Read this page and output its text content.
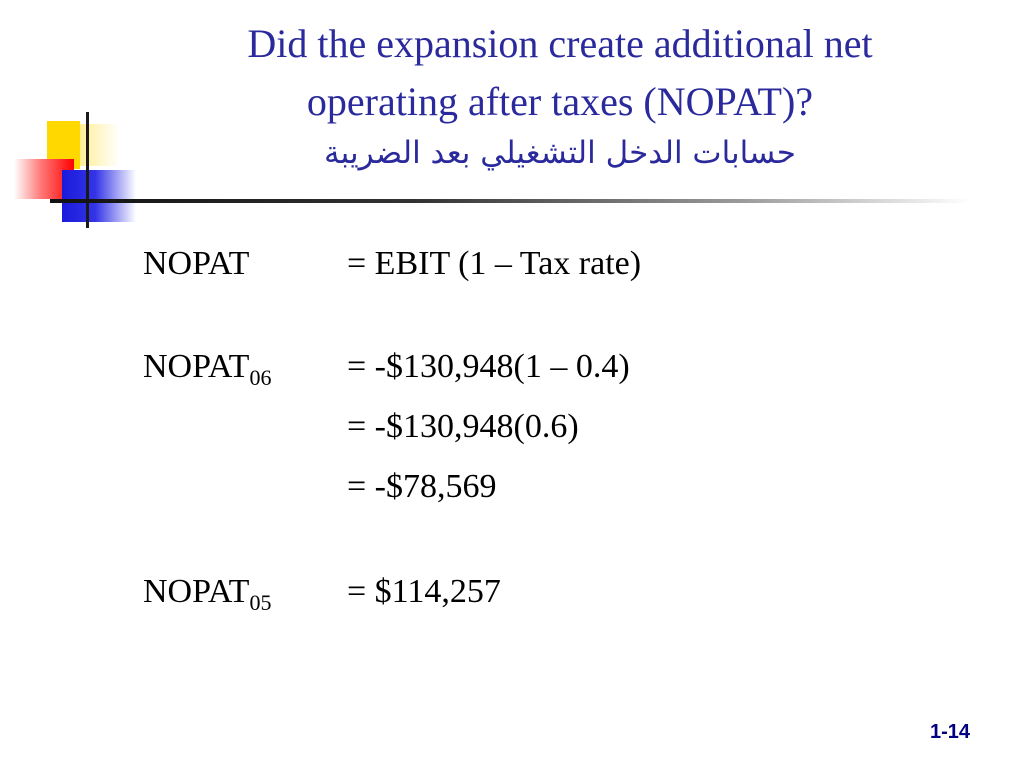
Did the expansion create additional net
operating after taxes (NOPAT)?
حسابات الدخل التشغيلي بعد الضريبة
NOPAT	= EBIT (1 – Tax rate)
$NOPAT_{06}$ = -$130,948(1 – 0.4)
= -$130,948(0.6)
= -$78,569
$NOPAT_{05}$ = $114,257
1-14
